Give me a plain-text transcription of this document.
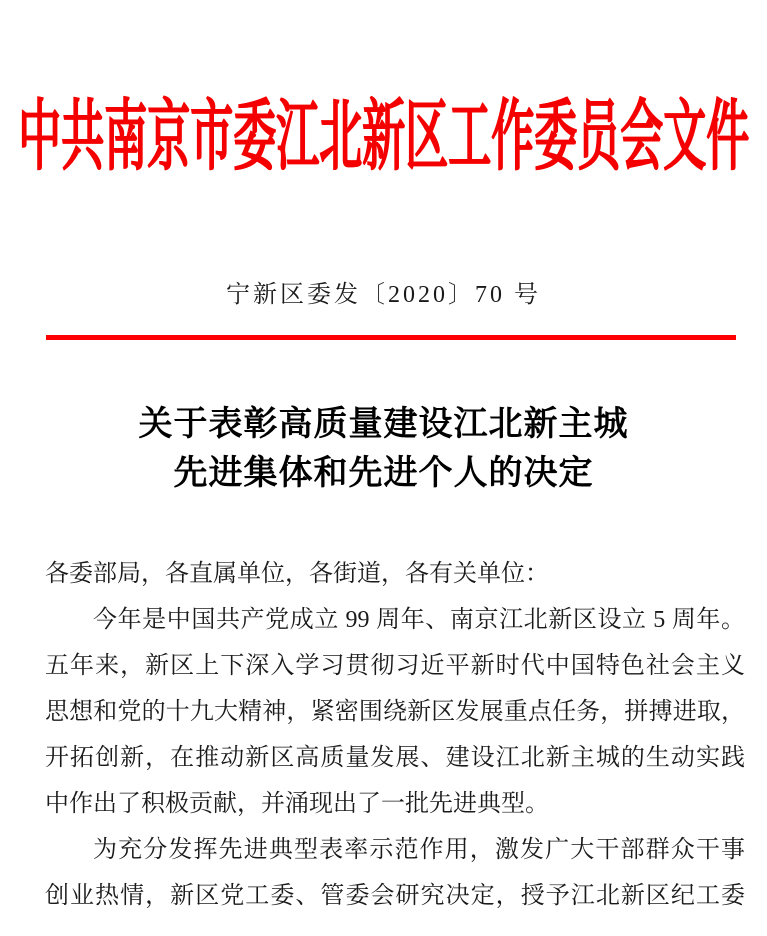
中共南京市委江北新区工作委员会文件
宁新区委发〔2020〕70 号
关于表彰高质量建设江北新主城
先进集体和先进个人的决定
各委部局，各直属单位，各街道，各有关单位：
今年是中国共产党成立 99 周年、南京江北新区设立 5 周年。
五年来，新区上下深入学习贯彻习近平新时代中国特色社会主义
思想和党的十九大精神，紧密围绕新区发展重点任务，拼搏进取，
开拓创新，在推动新区高质量发展、建设江北新主城的生动实践
中作出了积极贡献，并涌现出了一批先进典型。
为充分发挥先进典型表率示范作用，激发广大干部群众干事
创业热情，新区党工委、管委会研究决定，授予江北新区纪工委
